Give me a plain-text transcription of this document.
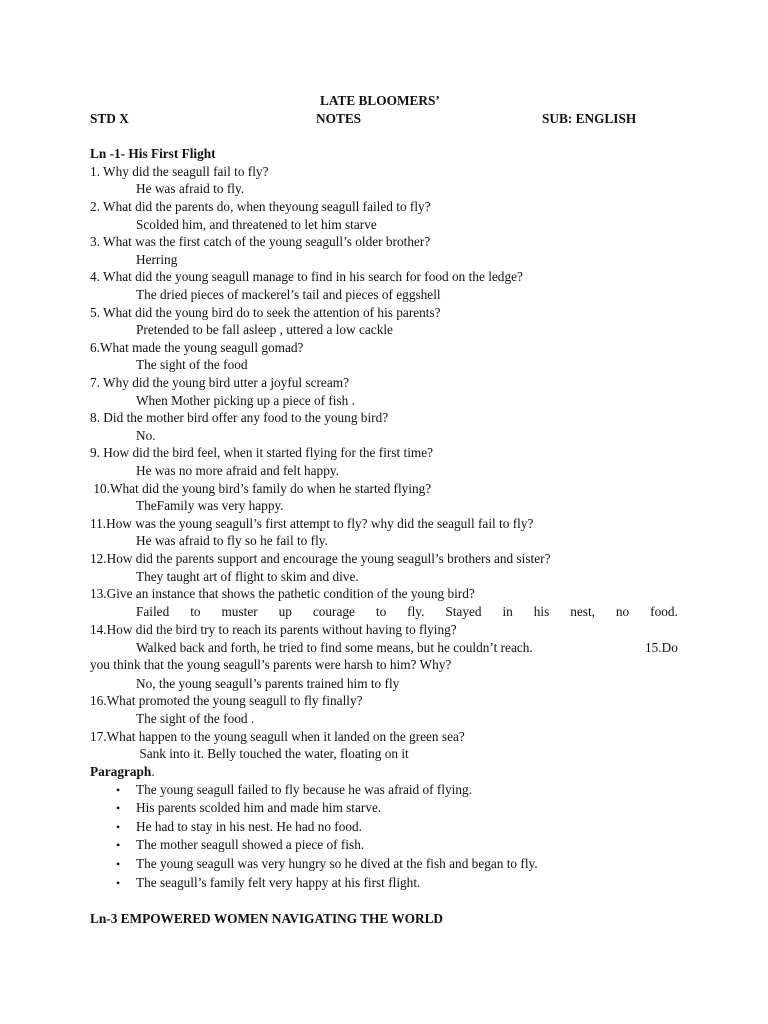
LATE BLOOMERS’
STD X	NOTES	SUB: ENGLISH
Ln -1- His First Flight
1. Why did the seagull fail to fly?
He was afraid to fly.
2. What did the parents do, when theyoung seagull failed to fly?
Scolded him, and threatened to let him starve
3. What was the first catch of the young seagull’s older brother?
Herring
4. What did the young seagull manage to find in his search for food on the ledge?
The dried pieces of mackerel’s tail and pieces of eggshell
5. What did the young bird do to seek the attention of his parents?
Pretended to be fall asleep , uttered a low cackle
6.What made the young seagull gomad?
The sight of the food
7. Why did the young bird utter a joyful scream?
When Mother picking up a piece of fish .
8. Did the mother bird offer any food to the young bird?
No.
9. How did the bird feel, when it started flying for the first time?
He was no more afraid and felt happy.
10.What did the young bird’s family do when he started flying?
TheFamily was very happy.
11.How was the young seagull’s first attempt to fly? why did the seagull fail to fly?
He was afraid to fly so he fail to fly.
12.How did the parents support and encourage the young seagull’s brothers and sister?
They taught art of flight to skim and dive.
13.Give an instance that shows the pathetic condition of the young bird?
Failed to muster up courage to fly. Stayed in his nest, no food.
14.How did the bird try to reach its parents without having to flying?
Walked back and forth, he tried to find some means, but he couldn’t reach.	15.Do
you think that the young seagull’s parents were harsh to him? Why?
No, the young seagull’s parents trained him to fly
16.What promoted the young seagull to fly finally?
The sight of the food .
17.What happen to the young seagull when it landed on the green sea?
Sank into it. Belly touched the water, floating on it
Paragraph.
• The young seagull failed to fly because he was afraid of flying.
• His parents scolded him and made him starve.
• He had to stay in his nest. He had no food.
• The mother seagull showed a piece of fish.
• The young seagull was very hungry so he dived at the fish and began to fly.
• The seagull’s family felt very happy at his first flight.
Ln-3 EMPOWERED WOMEN NAVIGATING THE WORLD
